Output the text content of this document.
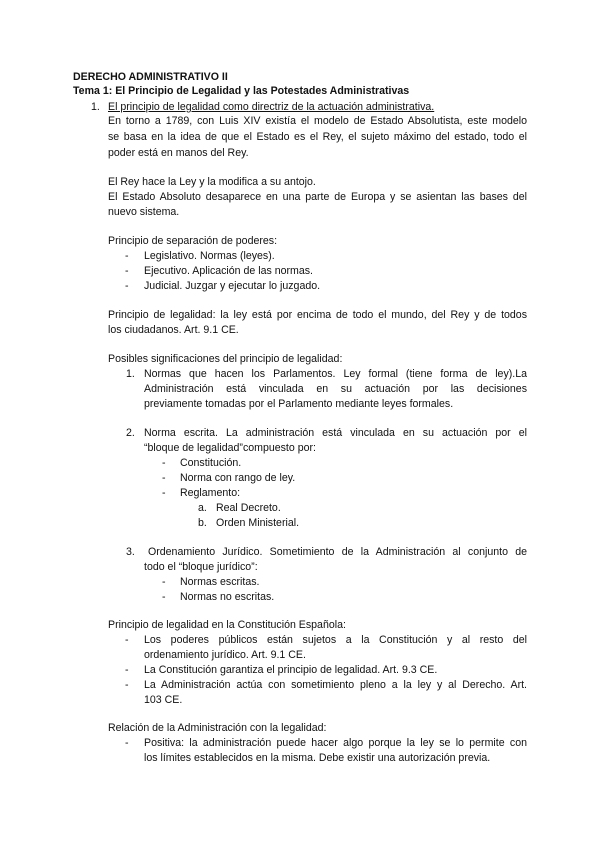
DERECHO ADMINISTRATIVO II
Tema 1: El Principio de Legalidad y las Potestades Administrativas
1. El principio de legalidad como directriz de la actuación administrativa.
En torno a 1789, con Luis XIV existía el modelo de Estado Absolutista, este modelo
se basa en la idea de que el Estado es el Rey, el sujeto máximo del estado, todo el
poder está en manos del Rey.
El Rey hace la Ley y la modifica a su antojo.
El Estado Absoluto desaparece en una parte de Europa y se asientan las bases del
nuevo sistema.
Principio de separación de poderes:
- Legislativo. Normas (leyes).
- Ejecutivo. Aplicación de las normas.
- Judicial. Juzgar y ejecutar lo juzgado.
Principio de legalidad: la ley está por encima de todo el mundo, del Rey y de todos
los ciudadanos. Art. 9.1 CE.
Posibles significaciones del principio de legalidad:
1. Normas que hacen los Parlamentos. Ley formal (tiene forma de ley).La
Administración está vinculada en su actuación por las decisiones
previamente tomadas por el Parlamento mediante leyes formales.
2. Norma escrita. La administración está vinculada en su actuación por el
“bloque de legalidad”compuesto por:
- Constitución.
- Norma con rango de ley.
- Reglamento:
a. Real Decreto.
b. Orden Ministerial.
3. Ordenamiento Jurídico. Sometimiento de la Administración al conjunto de
todo el “bloque jurídico”:
- Normas escritas.
- Normas no escritas.
Principio de legalidad en la Constitución Española:
- Los poderes públicos están sujetos a la Constitución y al resto del
ordenamiento jurídico. Art. 9.1 CE.
- La Constitución garantiza el principio de legalidad. Art. 9.3 CE.
- La Administración actúa con sometimiento pleno a la ley y al Derecho. Art.
103 CE.
Relación de la Administración con la legalidad:
- Positiva: la administración puede hacer algo porque la ley se lo permite con
los límites establecidos en la misma. Debe existir una autorización previa.
